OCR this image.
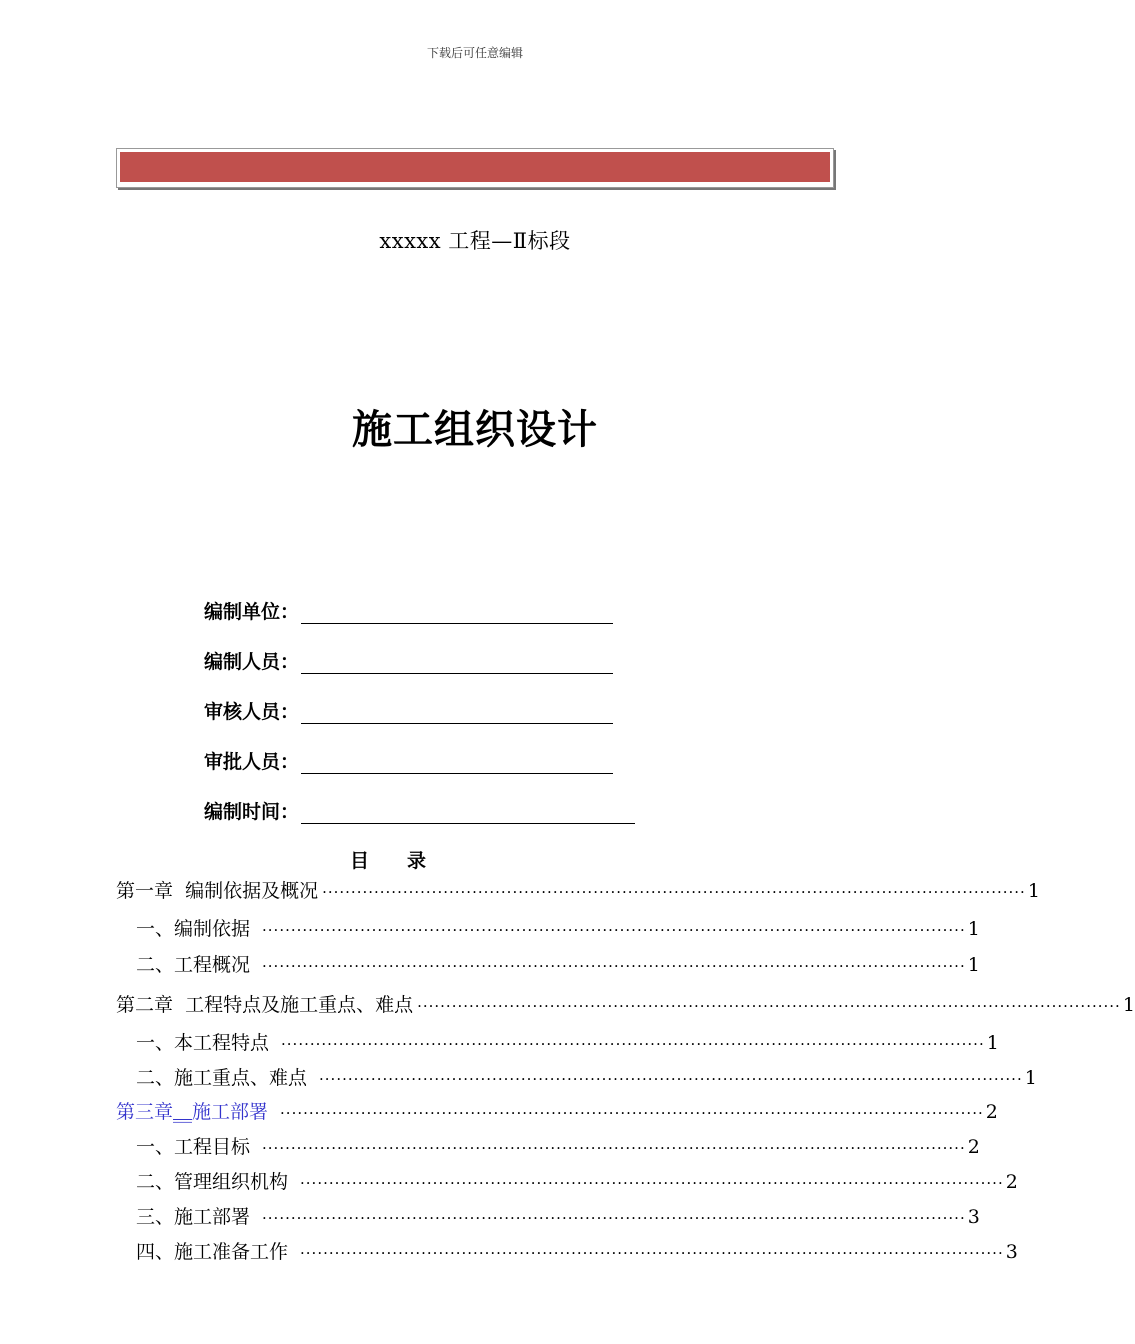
下载后可任意编辑
xxxxx 工程—Ⅱ标段
施工组织设计
编制单位：
编制人员：
审核人员：
审批人员：
编制时间：
目　　录
第一章  编制依据及概况 ·························································································································· 1
一、编制依据 ·························································································································· 1
二、工程概况 ·························································································································· 1
第二章  工程特点及施工重点、难点 ·························································································································· 1
一、本工程特点 ·························································································································· 1
二、施工重点、难点 ·························································································································· 1
第三章__施工部署 ·························································································································· 2
一、工程目标 ·························································································································· 2
二、管理组织机构 ·························································································································· 2
三、施工部署 ·························································································································· 3
四、施工准备工作 ·························································································································· 3
